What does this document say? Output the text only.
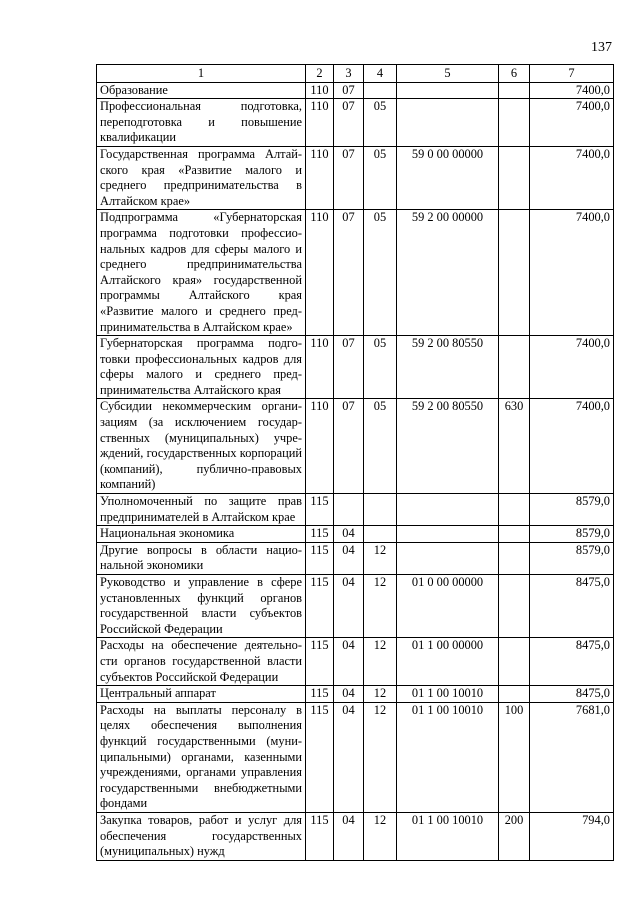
137
1	2	3	4	5	6	7
Образование	110	07				7400,0
Профессиональная подготовка, переподготовка и повышение квалификации	110	07	05			7400,0
Государственная программа Алтайского края «Развитие малого и среднего предпринимательства в Алтайском крае»	110	07	05	59 0 00 00000		7400,0
Подпрограмма «Губернаторская программа подготовки профессиональных кадров для сферы малого и среднего предпринимательства Алтайского края» государственной программы Алтайского края «Развитие малого и среднего предпринимательства в Алтайском крае»	110	07	05	59 2 00 00000		7400,0
Губернаторская программа подготовки профессиональных кадров для сферы малого и среднего предпринимательства Алтайского края	110	07	05	59 2 00 80550		7400,0
Субсидии некоммерческим организациям (за исключением государственных (муниципальных) учреждений, государственных корпораций (компаний), публично-правовых компаний)	110	07	05	59 2 00 80550	630	7400,0
Уполномоченный по защите прав предпринимателей в Алтайском крае	115					8579,0
Национальная экономика	115	04				8579,0
Другие вопросы в области национальной экономики	115	04	12			8579,0
Руководство и управление в сфере установленных функций органов государственной власти субъектов Российской Федерации	115	04	12	01 0 00 00000		8475,0
Расходы на обеспечение деятельности органов государственной власти субъектов Российской Федерации	115	04	12	01 1 00 00000		8475,0
Центральный аппарат	115	04	12	01 1 00 10010		8475,0
Расходы на выплаты персоналу в целях обеспечения выполнения функций государственными (муниципальными) органами, казенными учреждениями, органами управления государственными внебюджетными фондами	115	04	12	01 1 00 10010	100	7681,0
Закупка товаров, работ и услуг для обеспечения государственных (муниципальных) нужд	115	04	12	01 1 00 10010	200	794,0
